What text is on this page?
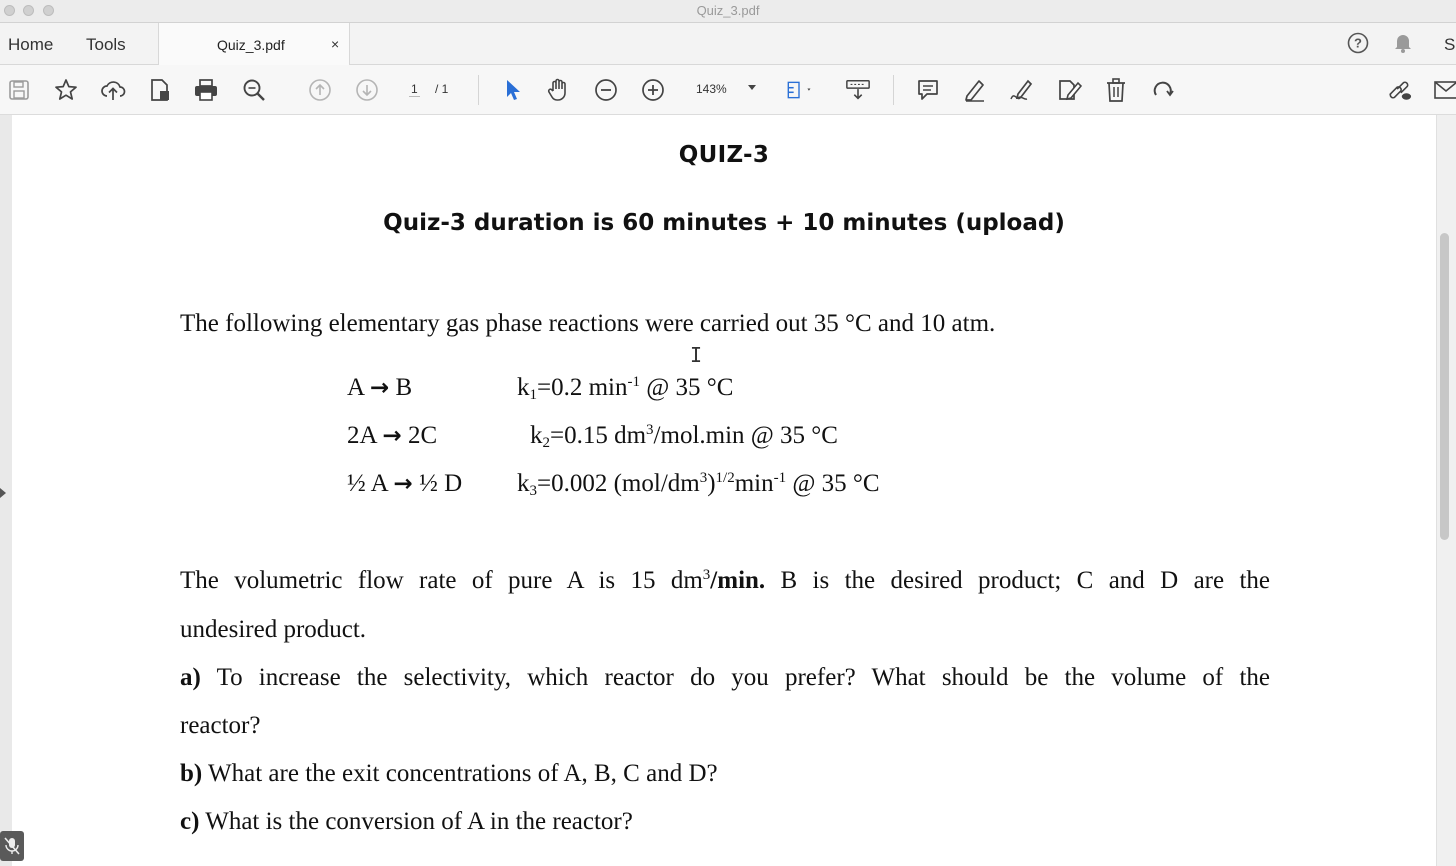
Quiz_3.pdf
Home Tools	Quiz_3.pdf	×	?	S
1 / 1	143%
QUIZ-3
Quiz-3 duration is 60 minutes + 10 minutes (upload)
The following elementary gas phase reactions were carried out 35 °C and 10 atm.
A → B	$k_1=0.2$ $\min^{-1}$ @ 35 °C
2A → 2C	$k_2=0.15$ $dm^3/mol.\min$ @ 35 °C
½ A → ½ D $k_3=0.002$ $(mol/dm^3)^{1/2}\min^{-1}$ @ 35 °C
The volumetric flow rate of pure A is 15 $dm^3/\min$. B is the desired product; C and D are the
undesired product.
a) To increase the selectivity, which reactor do you prefer? What should be the volume of the
reactor?
b) What are the exit concentrations of A, B, C and D?
c) What is the conversion of A in the reactor?
I
